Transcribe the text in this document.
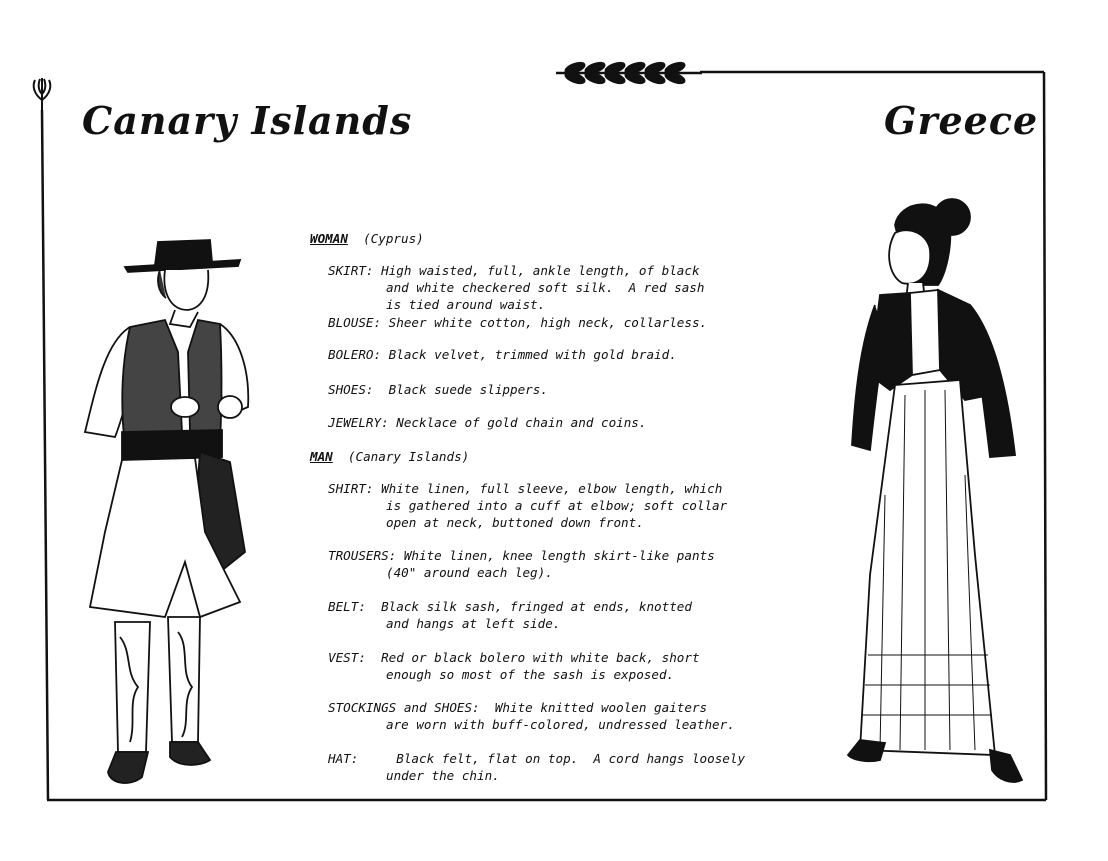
Canary Islands	Greece
WOMAN (Cyprus)
SKIRT: High waisted, full, ankle length, of black
and white checkered soft silk.  A red sash
is tied around waist.
BLOUSE: Sheer white cotton, high neck, collarless.
BOLERO: Black velvet, trimmed with gold braid.
SHOES: Black suede slippers.
JEWELRY: Necklace of gold chain and coins.
MAN (Canary Islands)
SHIRT: White linen, full sleeve, elbow length, which
is gathered into a cuff at elbow; soft collar
open at neck, buttoned down front.
TROUSERS: White linen, knee length skirt-like pants
(40" around each leg).
BELT: Black silk sash, fringed at ends, knotted
and hangs at left side.
VEST: Red or black bolero with white back, short
enough so most of the sash is exposed.
STOCKINGS and SHOES: White knitted woolen gaiters
are worn with buff-colored, undressed leather.
HAT:	Black felt, flat on top.  A cord hangs loosely
under the chin.
